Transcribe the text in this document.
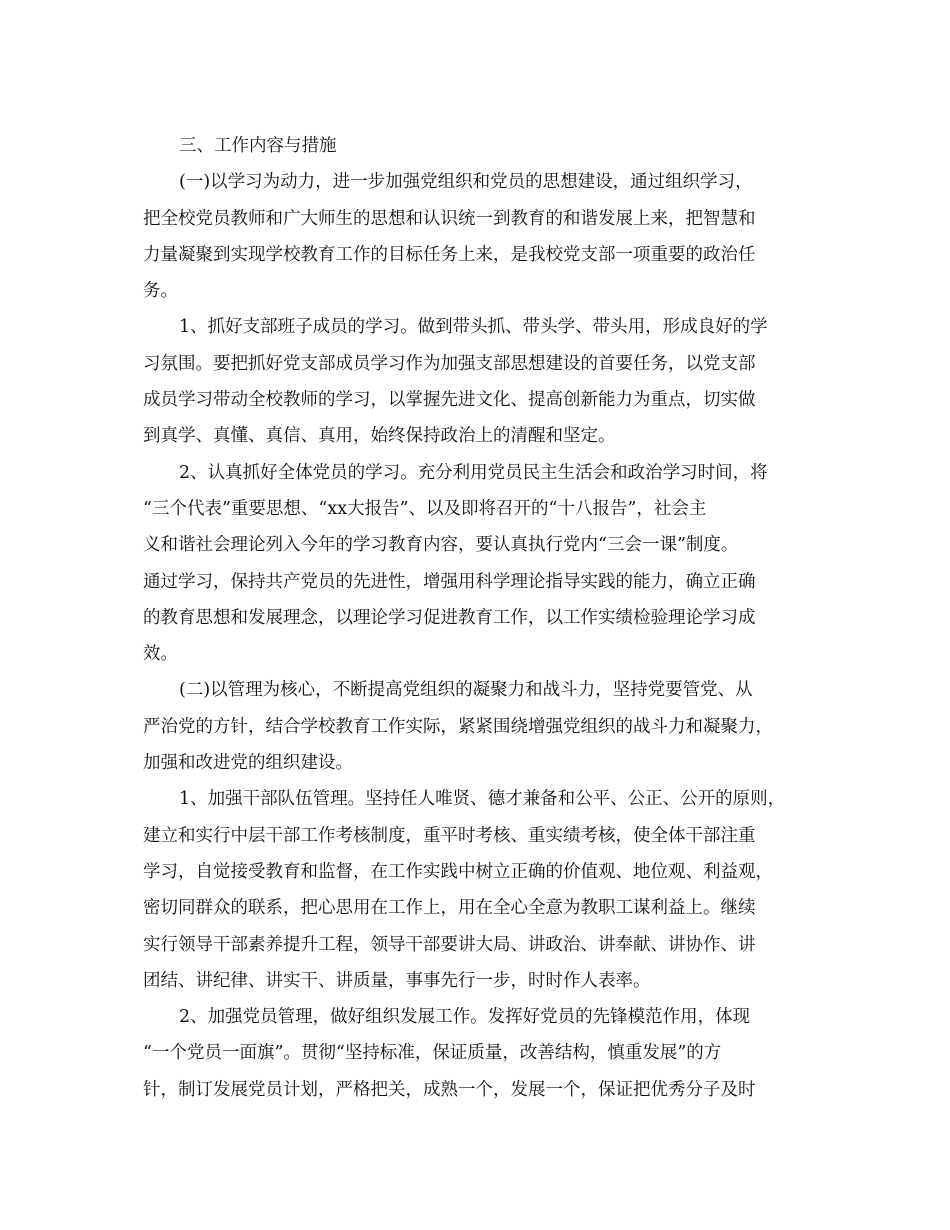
三、工作内容与措施
(一)以学习为动力，进一步加强党组织和党员的思想建设，通过组织学习，
把全校党员教师和广大师生的思想和认识统一到教育的和谐发展上来，把智慧和
力量凝聚到实现学校教育工作的目标任务上来，是我校党支部一项重要的政治任
务。
1、抓好支部班子成员的学习。做到带头抓、带头学、带头用，形成良好的学
习氛围。要把抓好党支部成员学习作为加强支部思想建设的首要任务，以党支部
成员学习带动全校教师的学习，以掌握先进文化、提高创新能力为重点，切实做
到真学、真懂、真信、真用，始终保持政治上的清醒和坚定。
2、认真抓好全体党员的学习。充分利用党员民主生活会和政治学习时间，将
“三个代表”重要思想、“xx大报告”、以及即将召开的“十八报告”，社会主
义和谐社会理论列入今年的学习教育内容，要认真执行党内“三会一课”制度。
通过学习，保持共产党员的先进性，增强用科学理论指导实践的能力，确立正确
的教育思想和发展理念，以理论学习促进教育工作，以工作实绩检验理论学习成
效。
(二)以管理为核心，不断提高党组织的凝聚力和战斗力，坚持党要管党、从
严治党的方针，结合学校教育工作实际，紧紧围绕增强党组织的战斗力和凝聚力，
加强和改进党的组织建设。
1、加强干部队伍管理。坚持任人唯贤、德才兼备和公平、公正、公开的原则，
建立和实行中层干部工作考核制度，重平时考核、重实绩考核，使全体干部注重
学习，自觉接受教育和监督，在工作实践中树立正确的价值观、地位观、利益观，
密切同群众的联系，把心思用在工作上，用在全心全意为教职工谋利益上。继续
实行领导干部素养提升工程，领导干部要讲大局、讲政治、讲奉献、讲协作、讲
团结、讲纪律、讲实干、讲质量，事事先行一步，时时作人表率。
2、加强党员管理，做好组织发展工作。发挥好党员的先锋模范作用，体现
“一个党员一面旗”。贯彻“坚持标准，保证质量，改善结构，慎重发展”的方
针，制订发展党员计划，严格把关，成熟一个，发展一个，保证把优秀分子及时
